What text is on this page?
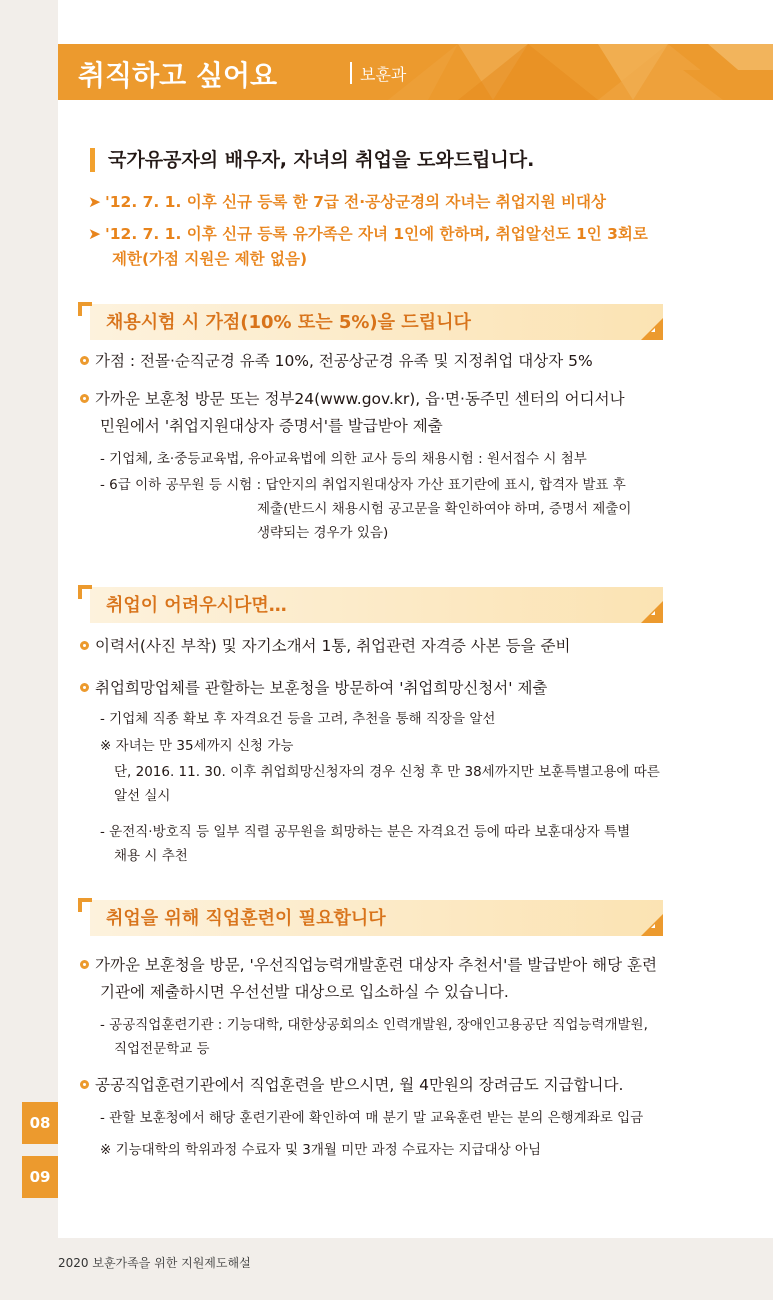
취직하고 싶어요	보훈과
국가유공자의 배우자, 자녀의 취업을 도와드립니다.
➤ '12. 7. 1. 이후 신규 등록 한 7급 전·공상군경의 자녀는 취업지원 비대상
➤ '12. 7. 1. 이후 신규 등록 유가족은 자녀 1인에 한하며, 취업알선도 1인 3회로
제한(가점 지원은 제한 없음)
채용시험 시 가점(10% 또는 5%)을 드립니다
가점 : 전몰·순직군경 유족 10%, 전공상군경 유족 및 지정취업 대상자 5%
가까운 보훈청 방문 또는 정부24(www.gov.kr), 읍·면·동주민 센터의 어디서나
민원에서 '취업지원대상자 증명서'를 발급받아 제출
- 기업체, 초·중등교육법, 유아교육법에 의한 교사 등의 채용시험 : 원서접수 시 첨부
- 6급 이하 공무원 등 시험 : 답안지의 취업지원대상자 가산 표기란에 표시, 합격자 발표 후
제출(반드시 채용시험 공고문을 확인하여야 하며, 증명서 제출이
생략되는 경우가 있음)
취업이 어려우시다면…
이력서(사진 부착) 및 자기소개서 1통, 취업관련 자격증 사본 등을 준비
취업희망업체를 관할하는 보훈청을 방문하여 '취업희망신청서' 제출
- 기업체 직종 확보 후 자격요건 등을 고려, 추천을 통해 직장을 알선
※ 자녀는 만 35세까지 신청 가능
단, 2016. 11. 30. 이후 취업희망신청자의 경우 신청 후 만 38세까지만 보훈특별고용에 따른
알선 실시
- 운전직·방호직 등 일부 직렬 공무원을 희망하는 분은 자격요건 등에 따라 보훈대상자 특별
채용 시 추천
취업을 위해 직업훈련이 필요합니다
가까운 보훈청을 방문, '우선직업능력개발훈련 대상자 추천서'를 발급받아 해당 훈련
기관에 제출하시면 우선선발 대상으로 입소하실 수 있습니다.
- 공공직업훈련기관 : 기능대학, 대한상공회의소 인력개발원, 장애인고용공단 직업능력개발원,
직업전문학교 등
공공직업훈련기관에서 직업훈련을 받으시면, 월 4만원의 장려금도 지급합니다.
- 관할 보훈청에서 해당 훈련기관에 확인하여 매 분기 말 교육훈련 받는 분의 은행계좌로 입금
※ 기능대학의 학위과정 수료자 및 3개월 미만 과정 수료자는 지급대상 아님
08
09
2020 보훈가족을 위한 지원제도해설
